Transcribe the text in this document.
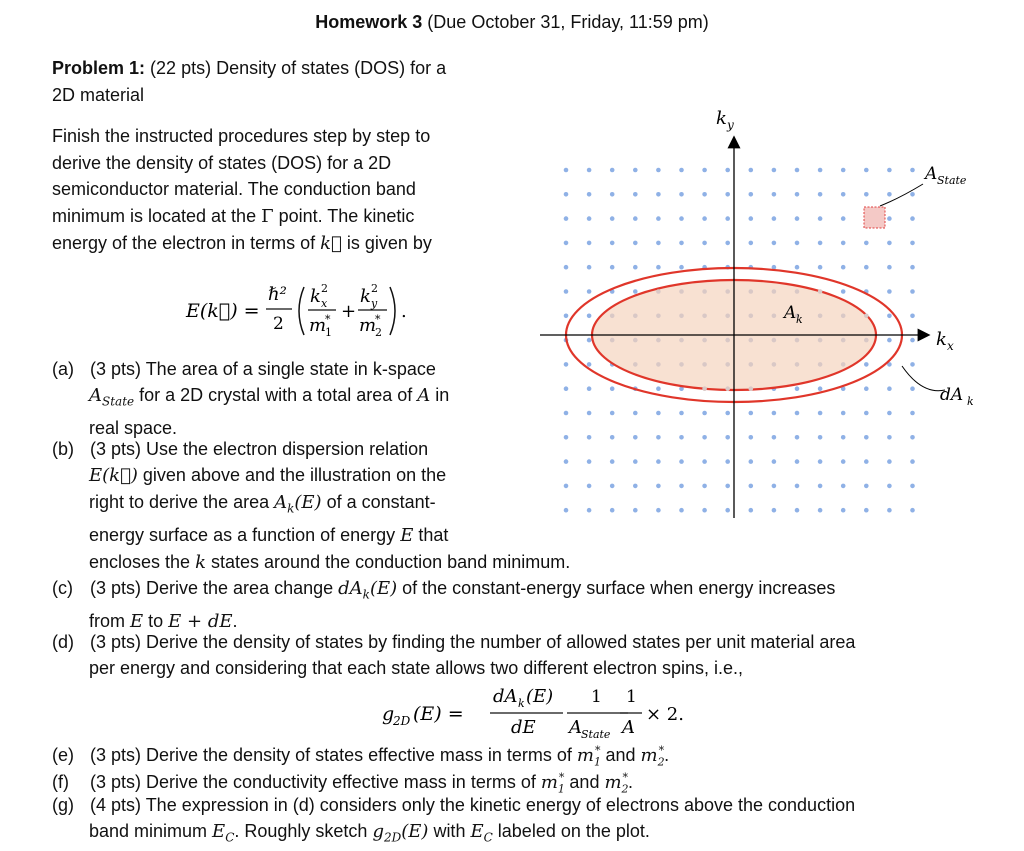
Homework 3 (Due October 31, Friday, 11:59 pm)
Problem 1: (22 pts) Density of states (DOS) for a
2D material
Finish the instructed procedures step by step to
derive the density of states (DOS) for a 2D
semiconductor material. The conduction band
minimum is located at the Γ point. The kinetic
energy of the electron in terms of k⃗ is given by
E(k⃗) =
ℏ²
2
k x
2
m
1
* +
k y
2
m
2
* .
k y
k x
A k
A State
dA k
(a) (3 pts) The area of a single state in k-space
$A_{State}$ for a 2D crystal with a total area of A in
real space.
(b) (3 pts) Use the electron dispersion relation
E(k⃗) given above and the illustration on the
right to derive the area $A_k(E)$ of a constant-
energy surface as a function of energy E that
encloses the k states around the conduction band minimum.
(c) (3 pts) Derive the area change $dA_k(E)$ of the constant-energy surface when energy increases
from E to E + dE.
(d) (3 pts) Derive the density of states by finding the number of allowed states per unit material area
per energy and considering that each state allows two different electron spins, i.e.,
g
2D (E) =
dA k (E)
dE
1
A State
1
A
× 2.
(e) (3 pts) Derive the density of states effective mass in terms of $m_1^*$ and $m_2^*$.
(f) (3 pts) Derive the conductivity effective mass in terms of $m_1^*$ and $m_2^*$.
(g) (4 pts) The expression in (d) considers only the kinetic energy of electrons above the conduction
band minimum $E_C$. Roughly sketch $g_{2D}(E)$ with $E_C$ labeled on the plot.
